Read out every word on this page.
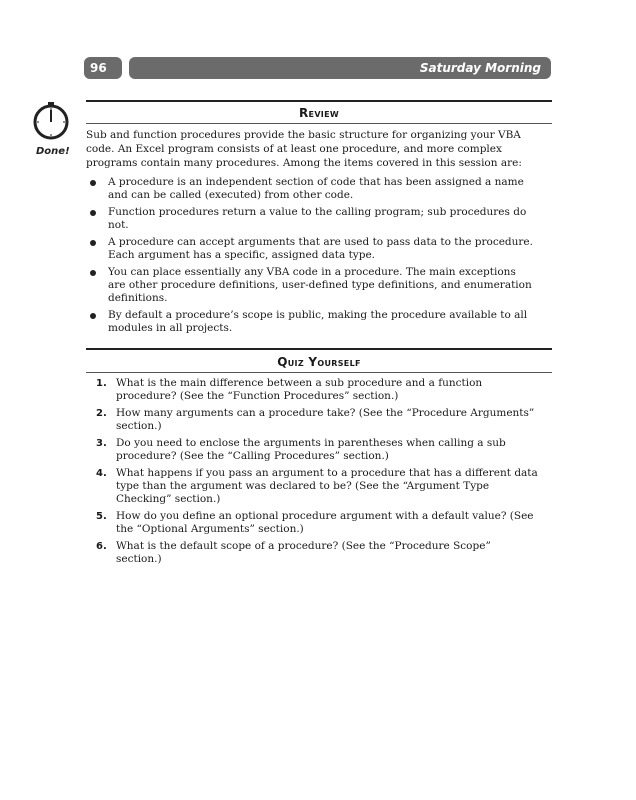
96	Saturday Morning
Done!
Review

Sub and function procedures provide the basic structure for organizing your VBA code. An Excel program consists of at least one procedure, and more complex programs contain many procedures. Among the items covered in this session are:

A procedure is an independent section of code that has been assigned a name and can be called (executed) from other code.
Function procedures return a value to the calling program; sub procedures do not.
A procedure can accept arguments that are used to pass data to the procedure. Each argument has a specific, assigned data type.
You can place essentially any VBA code in a procedure. The main exceptions are other procedure definitions, user-defined type definitions, and enumeration definitions.
By default a procedure’s scope is public, making the procedure available to all modules in all projects.
Quiz Yourself
1. What is the main difference between a sub procedure and a function procedure? (See the “Function Procedures” section.)
2. How many arguments can a procedure take? (See the “Procedure Arguments” section.)
3. Do you need to enclose the arguments in parentheses when calling a sub procedure? (See the “Calling Procedures” section.)
4. What happens if you pass an argument to a procedure that has a different data type than the argument was declared to be? (See the “Argument Type Checking” section.)
5. How do you define an optional procedure argument with a default value? (See the “Optional Arguments” section.)
6. What is the default scope of a procedure? (See the “Procedure Scope” section.)
